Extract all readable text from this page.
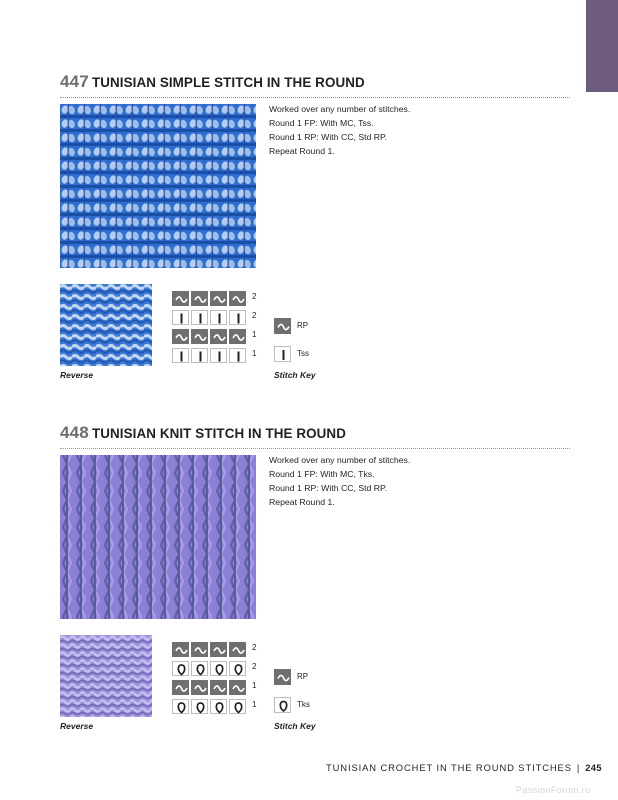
447 TUNISIAN SIMPLE STITCH IN THE ROUND
Worked over any number of stitches.
Round 1 FP: With MC, Tss.
Round 1 RP: With CC, Std RP.
Repeat Round 1.
Reverse
2
2
1
1
RP
Tss
Stitch Key
448 TUNISIAN KNIT STITCH IN THE ROUND
Worked over any number of stitches.
Round 1 FP: With MC, Tks.
Round 1 RP: With CC, Std RP.
Repeat Round 1.
Reverse
2
2
1
1
RP
Tks
Stitch Key
TUNISIAN CROCHET IN THE ROUND STITCHES | 245
PassionForum.ru
